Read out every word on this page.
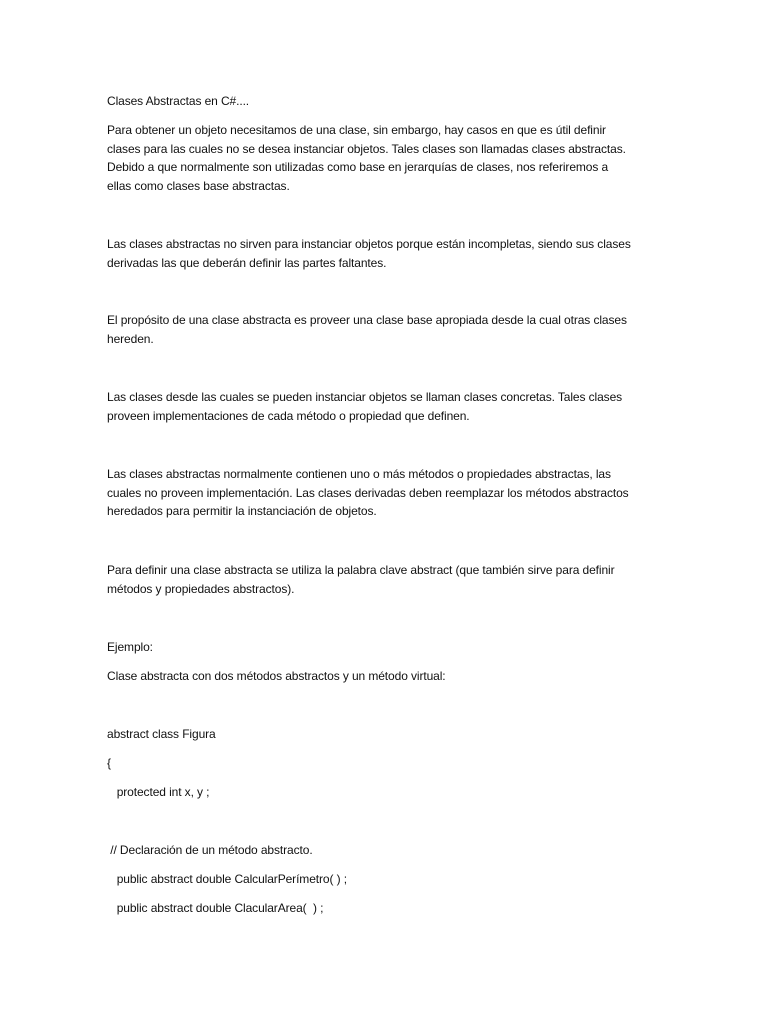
Clases Abstractas en C#....
Para obtener un objeto necesitamos de una clase, sin embargo, hay casos en que es útil definir
clases para las cuales no se desea instanciar objetos. Tales clases son llamadas clases abstractas.
Debido a que normalmente son utilizadas como base en jerarquías de clases, nos referiremos a
ellas como clases base abstractas.
Las clases abstractas no sirven para instanciar objetos porque están incompletas, siendo sus clases
derivadas las que deberán definir las partes faltantes.
El propósito de una clase abstracta es proveer una clase base apropiada desde la cual otras clases
hereden.
Las clases desde las cuales se pueden instanciar objetos se llaman clases concretas. Tales clases
proveen implementaciones de cada método o propiedad que definen.
Las clases abstractas normalmente contienen uno o más métodos o propiedades abstractas, las
cuales no proveen implementación. Las clases derivadas deben reemplazar los métodos abstractos
heredados para permitir la instanciación de objetos.
Para definir una clase abstracta se utiliza la palabra clave abstract (que también sirve para definir
métodos y propiedades abstractos).
Ejemplo:
Clase abstracta con dos métodos abstractos y un método virtual:
abstract class Figura
{
protected int x, y ;
// Declaración de un método abstracto.
public abstract double CalcularPerímetro( ) ;
public abstract double ClacularArea(  ) ;
